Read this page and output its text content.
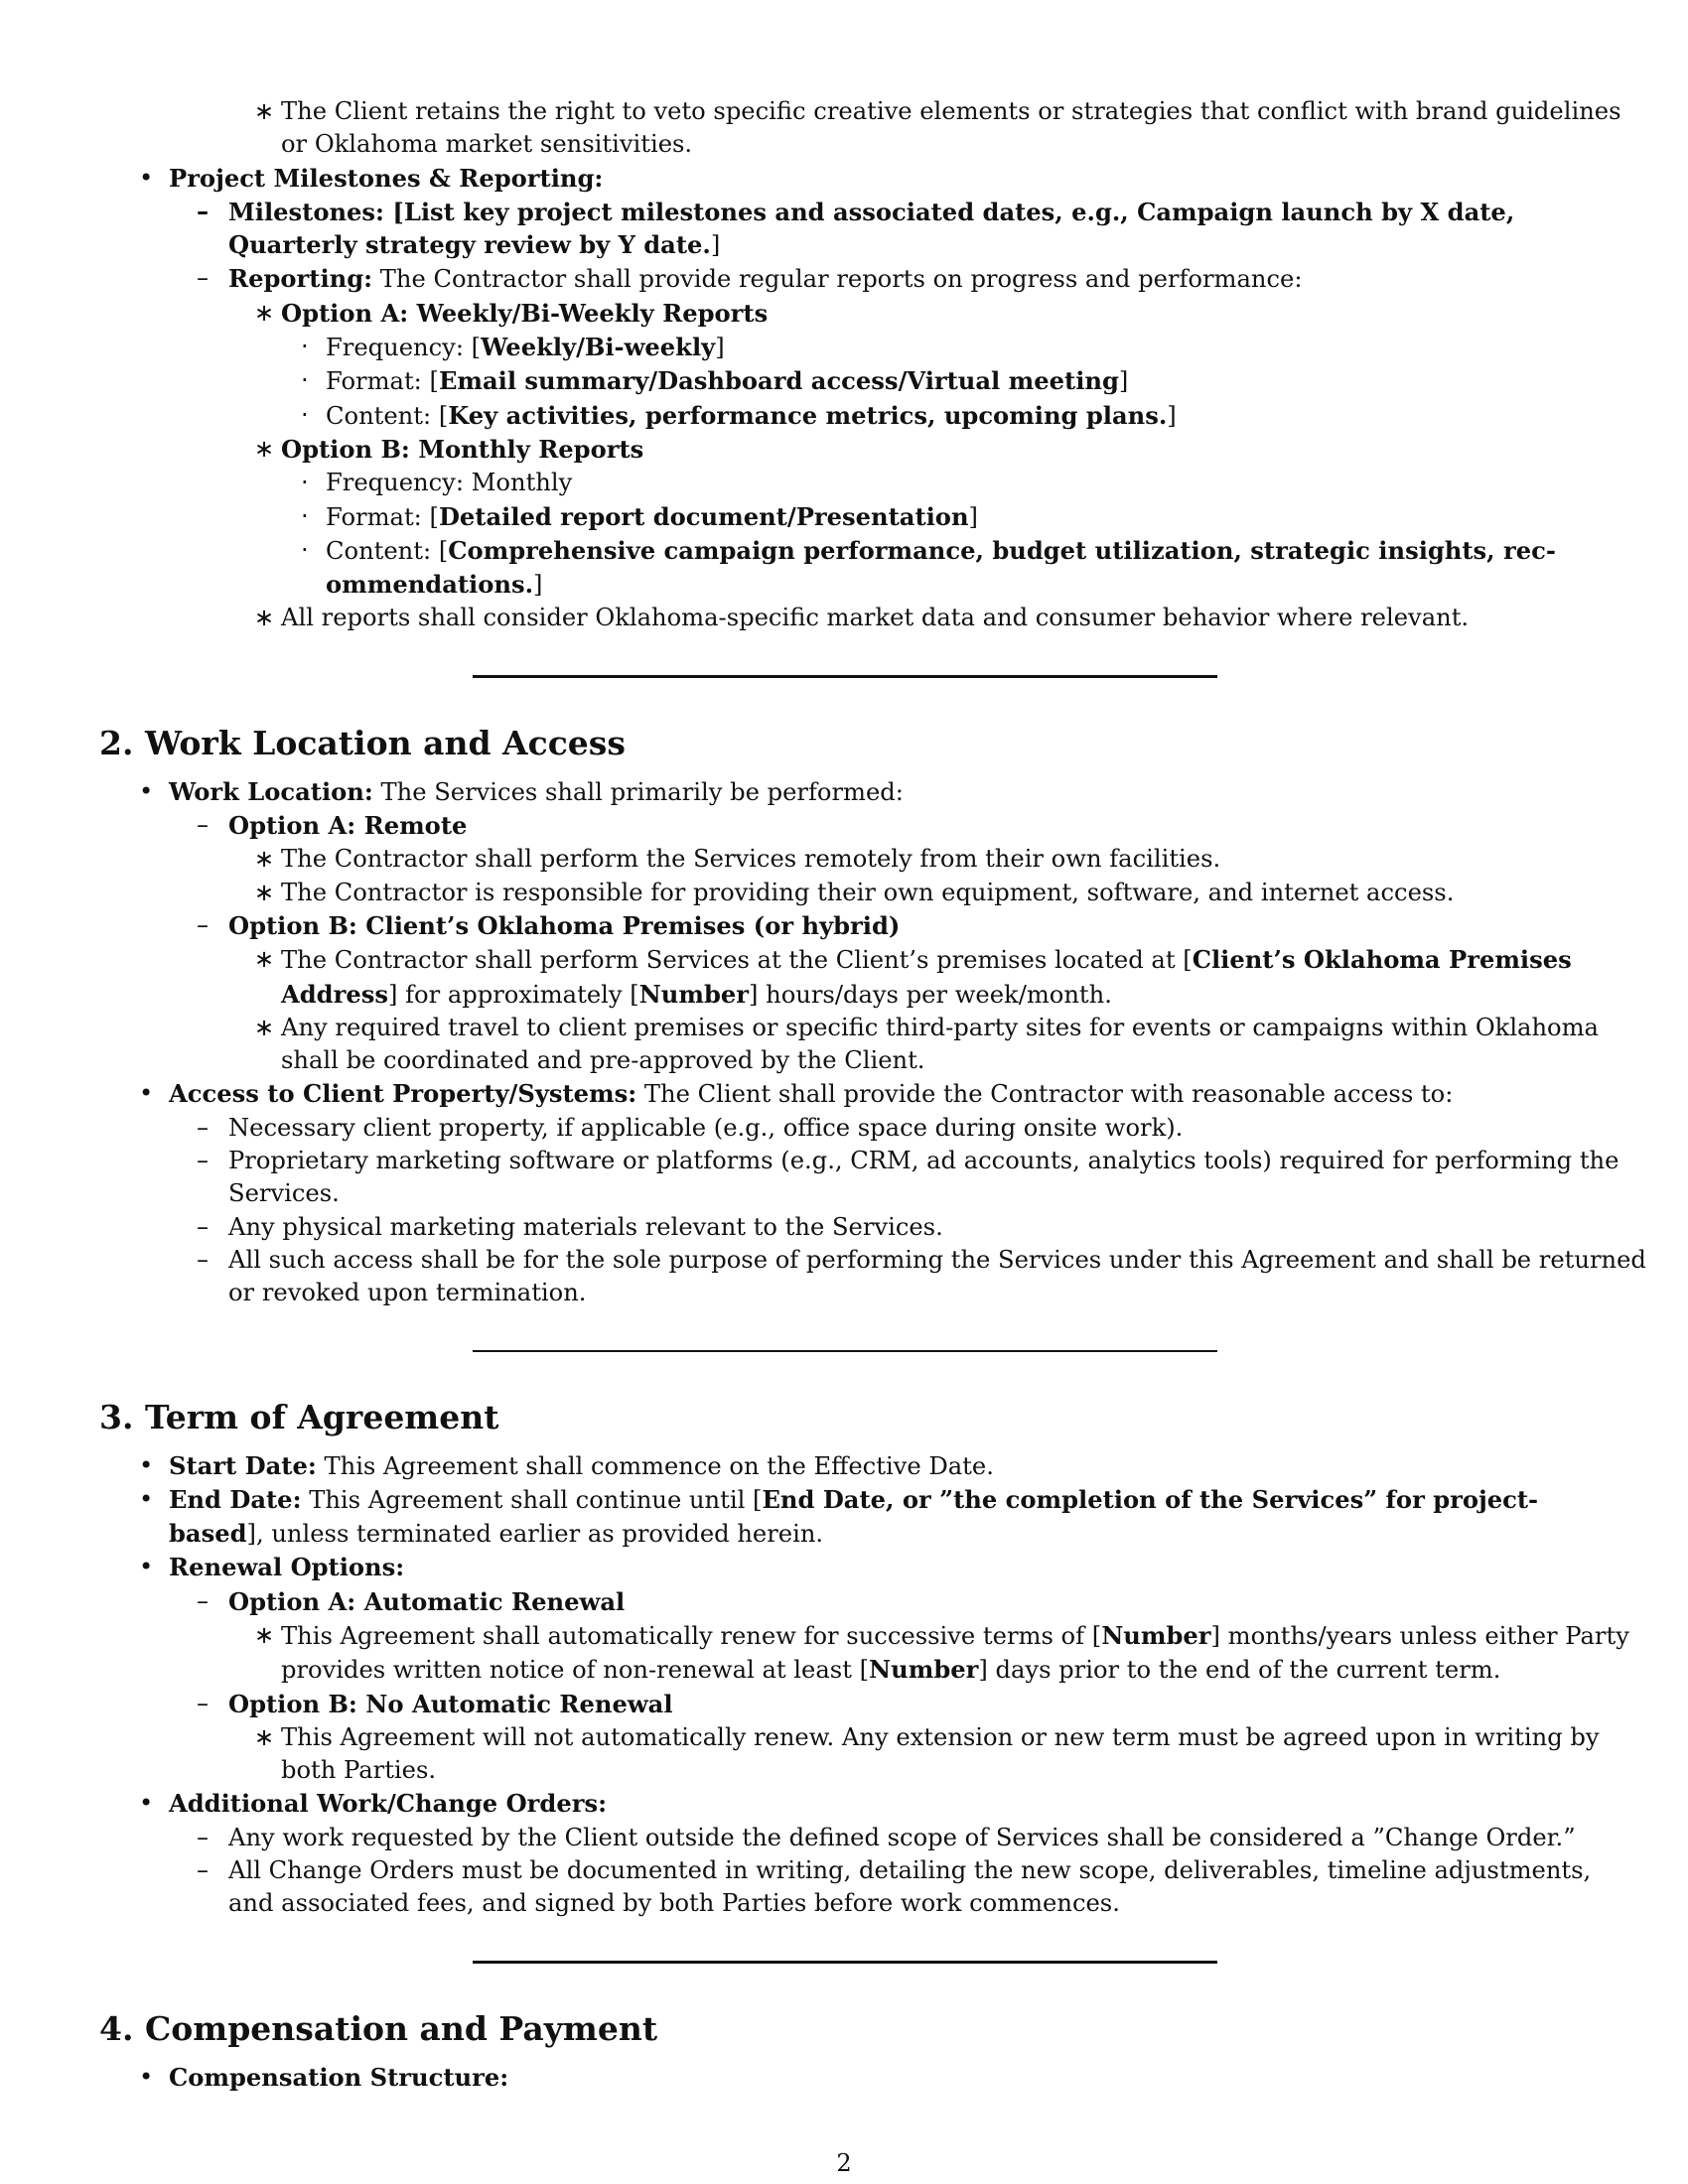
∗ The Client retains the right to veto specific creative elements or strategies that conflict with brand guidelines
or Oklahoma market sensitivities.
• Project Milestones & Reporting:
– Milestones: [List key project milestones and associated dates, e.g., Campaign launch by X date,
Quarterly strategy review by Y date.]
– Reporting: The Contractor shall provide regular reports on progress and performance:
∗ Option A: Weekly/Bi-Weekly Reports
· Frequency: [Weekly/Bi-weekly]
· Format: [Email summary/Dashboard access/Virtual meeting]
· Content: [Key activities, performance metrics, upcoming plans.]
∗ Option B: Monthly Reports
· Frequency: Monthly
· Format: [Detailed report document/Presentation]
· Content: [Comprehensive campaign performance, budget utilization, strategic insights, rec-
ommendations.]
∗ All reports shall consider Oklahoma-specific market data and consumer behavior where relevant.
2. Work Location and Access
• Work Location: The Services shall primarily be performed:
– Option A: Remote
∗ The Contractor shall perform the Services remotely from their own facilities.
∗ The Contractor is responsible for providing their own equipment, software, and internet access.
– Option B: Client’s Oklahoma Premises (or hybrid)
∗ The Contractor shall perform Services at the Client’s premises located at [Client’s Oklahoma Premises
Address] for approximately [Number] hours/days per week/month.
∗ Any required travel to client premises or specific third-party sites for events or campaigns within Oklahoma
shall be coordinated and pre-approved by the Client.
• Access to Client Property/Systems: The Client shall provide the Contractor with reasonable access to:
– Necessary client property, if applicable (e.g., office space during onsite work).
– Proprietary marketing software or platforms (e.g., CRM, ad accounts, analytics tools) required for performing the
Services.
– Any physical marketing materials relevant to the Services.
– All such access shall be for the sole purpose of performing the Services under this Agreement and shall be returned
or revoked upon termination.
3. Term of Agreement
• Start Date: This Agreement shall commence on the Effective Date.
• End Date: This Agreement shall continue until [End Date, or ”the completion of the Services” for project-
based], unless terminated earlier as provided herein.
• Renewal Options:
– Option A: Automatic Renewal
∗ This Agreement shall automatically renew for successive terms of [Number] months/years unless either Party
provides written notice of non-renewal at least [Number] days prior to the end of the current term.
– Option B: No Automatic Renewal
∗ This Agreement will not automatically renew. Any extension or new term must be agreed upon in writing by
both Parties.
• Additional Work/Change Orders:
– Any work requested by the Client outside the defined scope of Services shall be considered a ”Change Order.”
– All Change Orders must be documented in writing, detailing the new scope, deliverables, timeline adjustments,
and associated fees, and signed by both Parties before work commences.
4. Compensation and Payment
• Compensation Structure:
2
